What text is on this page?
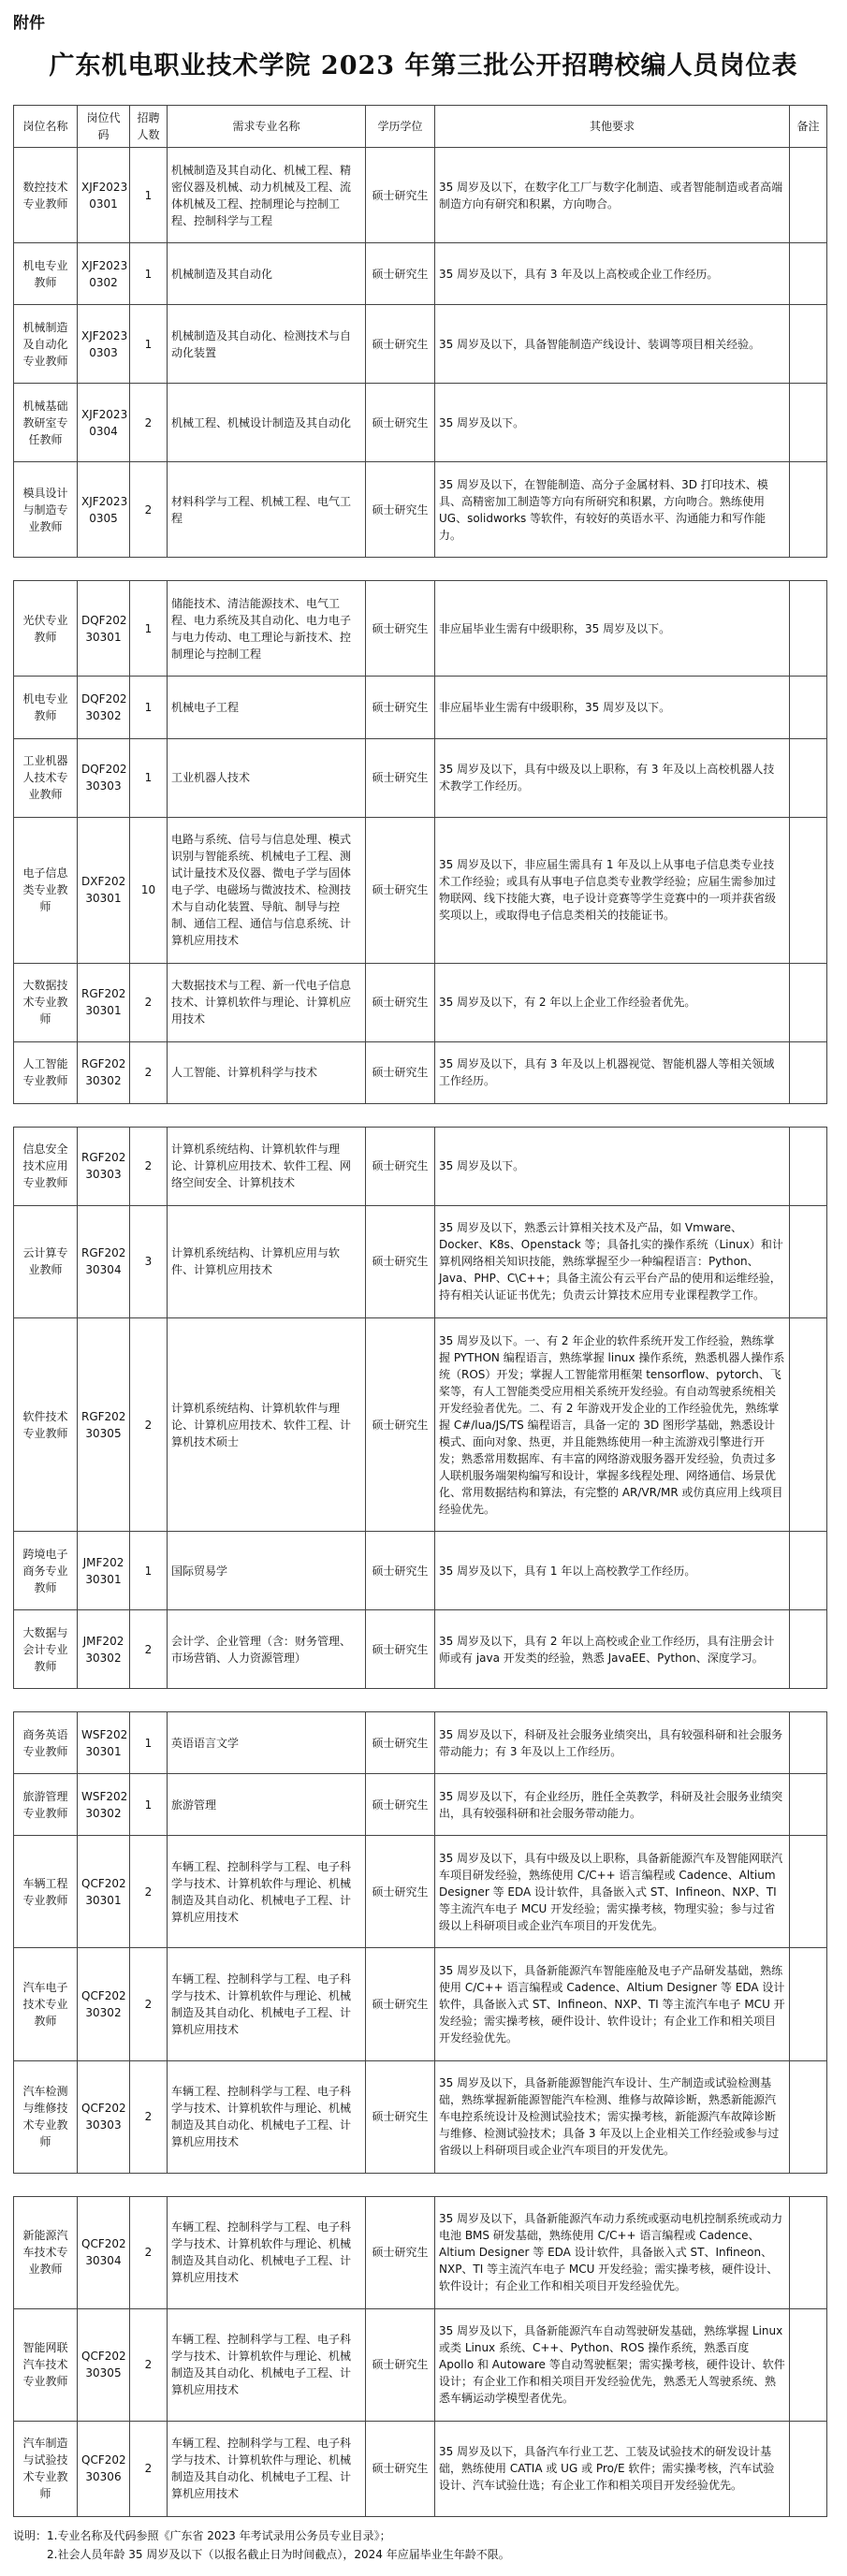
附件
广东机电职业技术学院 2023 年第三批公开招聘校编人员岗位表
岗位名称	岗位代码	招聘人数	需求专业名称	学历学位	其他要求	备注
数控技术专业教师	XJF2023 0301	1	机械制造及其自动化、机械工程、精密仪器及机械、动力机械及工程、流体机械及工程、控制理论与控制工程、控制科学与工程	硕士研究生	35 周岁及以下，在数字化工厂与数字化制造、或者智能制造或者高端制造方向有研究和积累，方向吻合。	
机电专业教师	XJF2023 0302	1	机械制造及其自动化	硕士研究生	35 周岁及以下，具有 3 年及以上高校或企业工作经历。	
机械制造及自动化专业教师	XJF2023 0303	1	机械制造及其自动化、检测技术与自动化装置	硕士研究生	35 周岁及以下，具备智能制造产线设计、装调等项目相关经验。	
机械基础教研室专任教师	XJF2023 0304	2	机械工程、机械设计制造及其自动化	硕士研究生	35 周岁及以下。	
模具设计与制造专业教师	XJF2023 0305	2	材料科学与工程、机械工程、电气工程	硕士研究生	35 周岁及以下，在智能制造、高分子金属材料、3D 打印技术、模具、高精密加工制造等方向有所研究和积累，方向吻合。熟练使用 UG、solidworks 等软件，有较好的英语水平、沟通能力和写作能力。	

光伏专业教师	DQF202 30301	1	储能技术、清洁能源技术、电气工程、电力系统及其自动化、电力电子与电力传动、电工理论与新技术、控制理论与控制工程	硕士研究生	非应届毕业生需有中级职称，35 周岁及以下。	
机电专业教师	DQF202 30302	1	机械电子工程	硕士研究生	非应届毕业生需有中级职称，35 周岁及以下。	
工业机器人技术专业教师	DQF202 30303	1	工业机器人技术	硕士研究生	35 周岁及以下，具有中级及以上职称，有 3 年及以上高校机器人技术教学工作经历。	
电子信息类专业教师	DXF202 30301	10	电路与系统、信号与信息处理、模式识别与智能系统、机械电子工程、测试计量技术及仪器、微电子学与固体电子学、电磁场与微波技术、检测技术与自动化装置、导航、制导与控制、通信工程、通信与信息系统、计算机应用技术	硕士研究生	35 周岁及以下，非应届生需具有 1 年及以上从事电子信息类专业技术工作经验；或具有从事电子信息类专业教学经验；应届生需参加过物联网、线下技能大赛，电子设计竞赛等学生竞赛中的一项并获省级奖项以上，或取得电子信息类相关的技能证书。	
大数据技术专业教师	RGF202 30301	2	大数据技术与工程、新一代电子信息技术、计算机软件与理论、计算机应用技术	硕士研究生	35 周岁及以下，有 2 年以上企业工作经验者优先。	
人工智能专业教师	RGF202 30302	2	人工智能、计算机科学与技术	硕士研究生	35 周岁及以下，具有 3 年及以上机器视觉、智能机器人等相关领域工作经历。	

信息安全技术应用专业教师	RGF202 30303	2	计算机系统结构、计算机软件与理论、计算机应用技术、软件工程、网络空间安全、计算机技术	硕士研究生	35 周岁及以下。	
云计算专业教师	RGF202 30304	3	计算机系统结构、计算机应用与软件、计算机应用技术	硕士研究生	35 周岁及以下，熟悉云计算相关技术及产品，如 Vmware、Docker、K8s、Openstack 等；具备扎实的操作系统（Linux）和计算机网络相关知识技能，熟练掌握至少一种编程语言：Python、Java、PHP、C\C++；具备主流公有云平台产品的使用和运维经验，持有相关认证证书优先；负责云计算技术应用专业课程教学工作。	
软件技术专业教师	RGF202 30305	2	计算机系统结构、计算机软件与理论、计算机应用技术、软件工程、计算机技术硕士	硕士研究生	35 周岁及以下。一、有 2 年企业的软件系统开发工作经验，熟练掌握 PYTHON 编程语言，熟练掌握 linux 操作系统，熟悉机器人操作系统（ROS）开发；掌握人工智能常用框架 tensorflow、pytorch、飞桨等，有人工智能类受应用相关系统开发经验。有自动驾驶系统相关开发经验者优先。二、有 2 年游戏开发企业的工作经验优先，熟练掌握 C#/lua/JS/TS 编程语言，具备一定的 3D 图形学基础，熟悉设计模式、面向对象、热更，并且能熟练使用一种主流游戏引擎进行开发；熟悉常用数据库、有丰富的网络游戏服务器开发经验，负责过多人联机服务端架构编写和设计，掌握多线程处理、网络通信、场景优化、常用数据结构和算法，有完整的 AR/VR/MR 或仿真应用上线项目经验优先。	
跨境电子商务专业教师	JMF202 30301	1	国际贸易学	硕士研究生	35 周岁及以下，具有 1 年以上高校教学工作经历。	
大数据与会计专业教师	JMF202 30302	2	会计学、企业管理（含：财务管理、市场营销、人力资源管理）	硕士研究生	35 周岁及以下，具有 2 年以上高校或企业工作经历，具有注册会计师或有 java 开发类的经验，熟悉 JavaEE、Python、深度学习。	

商务英语专业教师	WSF202 30301	1	英语语言文学	硕士研究生	35 周岁及以下，科研及社会服务业绩突出，具有较强科研和社会服务带动能力；有 3 年及以上工作经历。	
旅游管理专业教师	WSF202 30302	1	旅游管理	硕士研究生	35 周岁及以下，有企业经历，胜任全英教学，科研及社会服务业绩突出，具有较强科研和社会服务带动能力。	
车辆工程专业教师	QCF202 30301	2	车辆工程、控制科学与工程、电子科学与技术、计算机软件与理论、机械制造及其自动化、机械电子工程、计算机应用技术	硕士研究生	35 周岁及以下，具有中级及以上职称，具备新能源汽车及智能网联汽车项目研发经验，熟练使用 C/C++ 语言编程或 Cadence、Altium Designer 等 EDA 设计软件，具备嵌入式 ST、Infineon、NXP、TI 等主流汽车电子 MCU 开发经验；需实操考核，物理实验；参与过省级以上科研项目或企业汽车项目的开发优先。	
汽车电子技术专业教师	QCF202 30302	2	车辆工程、控制科学与工程、电子科学与技术、计算机软件与理论、机械制造及其自动化、机械电子工程、计算机应用技术	硕士研究生	35 周岁及以下，具备新能源汽车智能座舱及电子产品研发基础，熟练使用 C/C++ 语言编程或 Cadence、Altium Designer 等 EDA 设计软件，具备嵌入式 ST、Infineon、NXP、TI 等主流汽车电子 MCU 开发经验；需实操考核，硬件设计、软件设计；有企业工作和相关项目开发经验优先。	
汽车检测与维修技术专业教师	QCF202 30303	2	车辆工程、控制科学与工程、电子科学与技术、计算机软件与理论、机械制造及其自动化、机械电子工程、计算机应用技术	硕士研究生	35 周岁及以下，具备新能源智能汽车设计、生产制造或试验检测基础，熟练掌握新能源智能汽车检测、维修与故障诊断，熟悉新能源汽车电控系统设计及检测试验技术；需实操考核，新能源汽车故障诊断与维修、检测试验技术；具备 3 年及以上企业相关工作经验或参与过省级以上科研项目或企业汽车项目的开发优先。	

新能源汽车技术专业教师	QCF202 30304	2	车辆工程、控制科学与工程、电子科学与技术、计算机软件与理论、机械制造及其自动化、机械电子工程、计算机应用技术	硕士研究生	35 周岁及以下，具备新能源汽车动力系统或驱动电机控制系统或动力电池 BMS 研发基础，熟练使用 C/C++ 语言编程或 Cadence、Altium Designer 等 EDA 设计软件，具备嵌入式 ST、Infineon、NXP、TI 等主流汽车电子 MCU 开发经验；需实操考核，硬件设计、软件设计；有企业工作和相关项目开发经验优先。	
智能网联汽车技术专业教师	QCF202 30305	2	车辆工程、控制科学与工程、电子科学与技术、计算机软件与理论、机械制造及其自动化、机械电子工程、计算机应用技术	硕士研究生	35 周岁及以下，具备新能源汽车自动驾驶研发基础，熟练掌握 Linux 或类 Linux 系统、C++、Python、ROS 操作系统，熟悉百度 Apollo 和 Autoware 等自动驾驶框架；需实操考核，硬件设计、软件设计；有企业工作和相关项目开发经验优先，熟悉无人驾驶系统、熟悉车辆运动学模型者优先。	
汽车制造与试验技术专业教师	QCF202 30306	2	车辆工程、控制科学与工程、电子科学与技术、计算机软件与理论、机械制造及其自动化、机械电子工程、计算机应用技术	硕士研究生	35 周岁及以下，具备汽车行业工艺、工装及试验技术的研发设计基础，熟练使用 CATIA 或 UG 或 Pro/E 软件；需实操考核，汽车试验设计、汽车试验仕选；有企业工作和相关项目开发经验优先。	
说明：1.专业名称及代码参照《广东省 2023 年考试录用公务员专业目录》；
2.社会人员年龄 35 周岁及以下（以报名截止日为时间截点），2024 年应届毕业生年龄不限。
